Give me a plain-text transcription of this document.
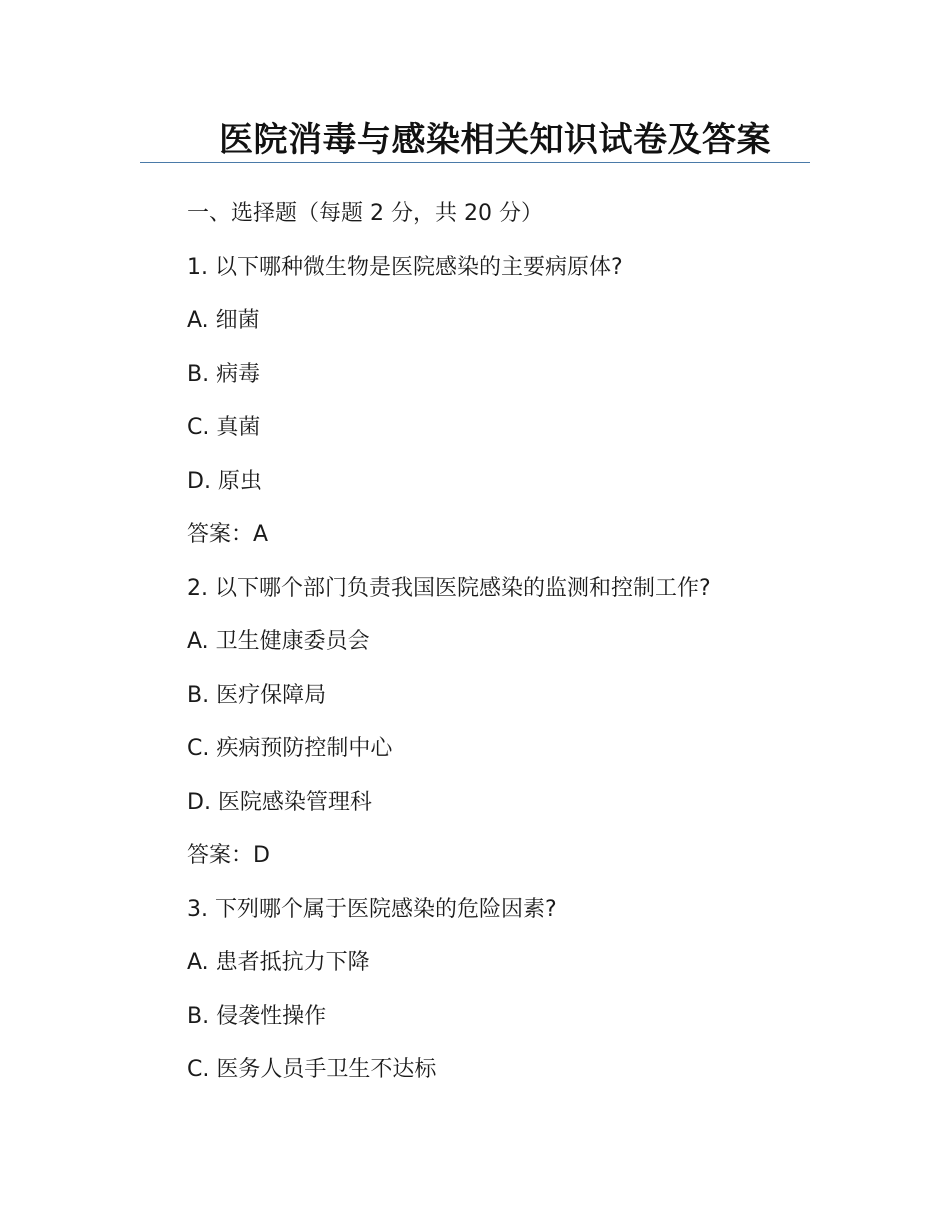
医院消毒与感染相关知识试卷及答案
一、选择题（每题 2 分，共 20 分）
1. 以下哪种微生物是医院感染的主要病原体?
A. 细菌
B. 病毒
C. 真菌
D. 原虫
答案：A
2. 以下哪个部门负责我国医院感染的监测和控制工作?
A. 卫生健康委员会
B. 医疗保障局
C. 疾病预防控制中心
D. 医院感染管理科
答案：D
3. 下列哪个属于医院感染的危险因素?
A. 患者抵抗力下降
B. 侵袭性操作
C. 医务人员手卫生不达标
